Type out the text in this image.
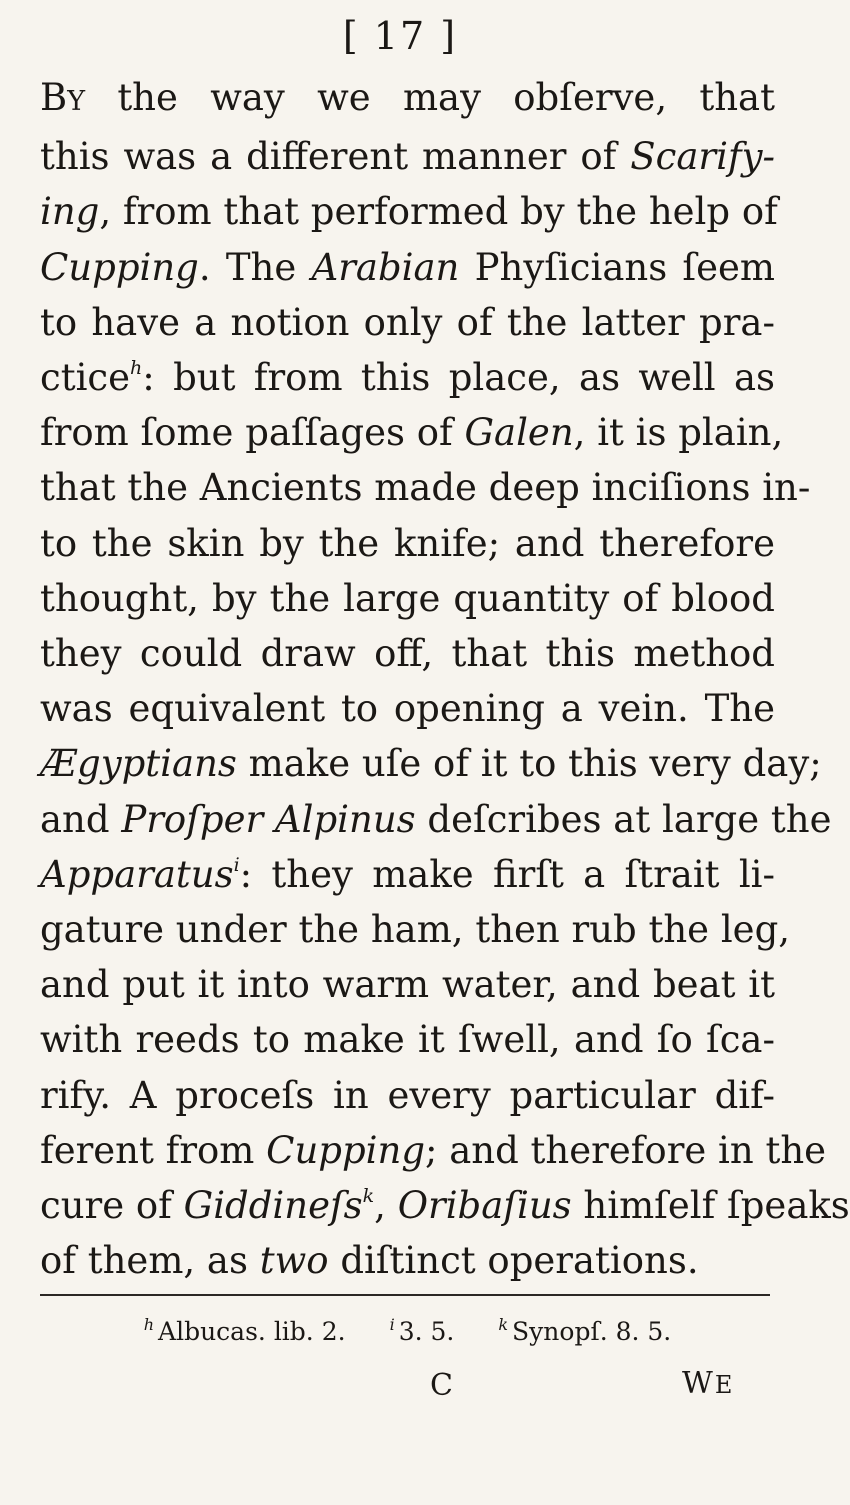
[ 17 ]
BY the way we may obſerve, that
this was a different manner of Scarify-
ing, from that performed by the help of
Cupping. The Arabian Phyſicians ſeem
to have a notion only of the latter pra-
ctice$^h$: but from this place, as well as
from ſome paſſages of Galen, it is plain,
that the Ancients made deep inciſions in-
to the skin by the knife; and therefore
thought, by the large quantity of blood
they could draw off, that this method
was equivalent to opening a vein. The
Ægyptians make uſe of it to this very day;
and Proſper Alpinus deſcribes at large the
Apparatus$^i$: they make firſt a ſtrait li-
gature under the ham, then rub the leg,
and put it into warm water, and beat it
with reeds to make it ſwell, and ſo ſca-
rify. A proceſs in every particular dif-
ferent from Cupping; and therefore in the
cure of Giddineſs$^k$, Oribaſius himſelf ſpeaks
of them, as two diſtinct operations.
$^h$ Albucas. lib. 2.	$^i$ 3. 5.	$^k$ Synopſ. 8. 5.
C	WE
